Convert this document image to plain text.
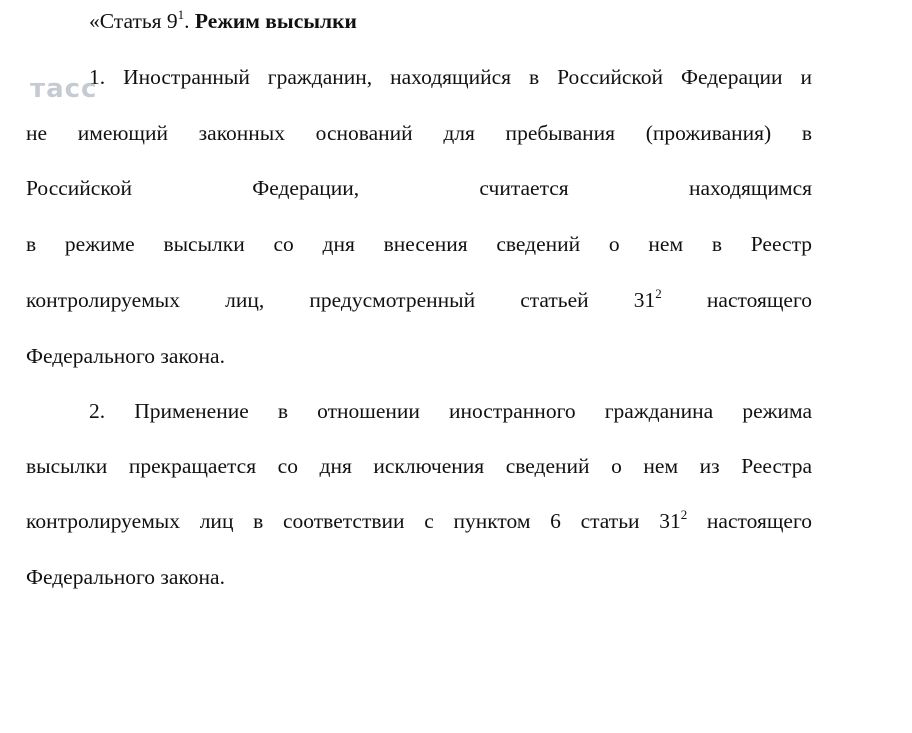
«Статья $9^1$. Режим высылки
1. Иностранный гражданин, находящийся в Российской Федерации и
не имеющий законных оснований для пребывания (проживания) в
Российской Федерации, считается находящимся
в режиме высылки со дня внесения сведений о нем в Реестр
контролируемых лиц, предусмотренный статьей $31^2$ настоящего
Федерального закона.
2. Применение в отношении иностранного гражданина режима
высылки прекращается со дня исключения сведений о нем из Реестра
контролируемых лиц в соответствии с пунктом 6 статьи $31^2$ настоящего
Федерального закона.
тасс
